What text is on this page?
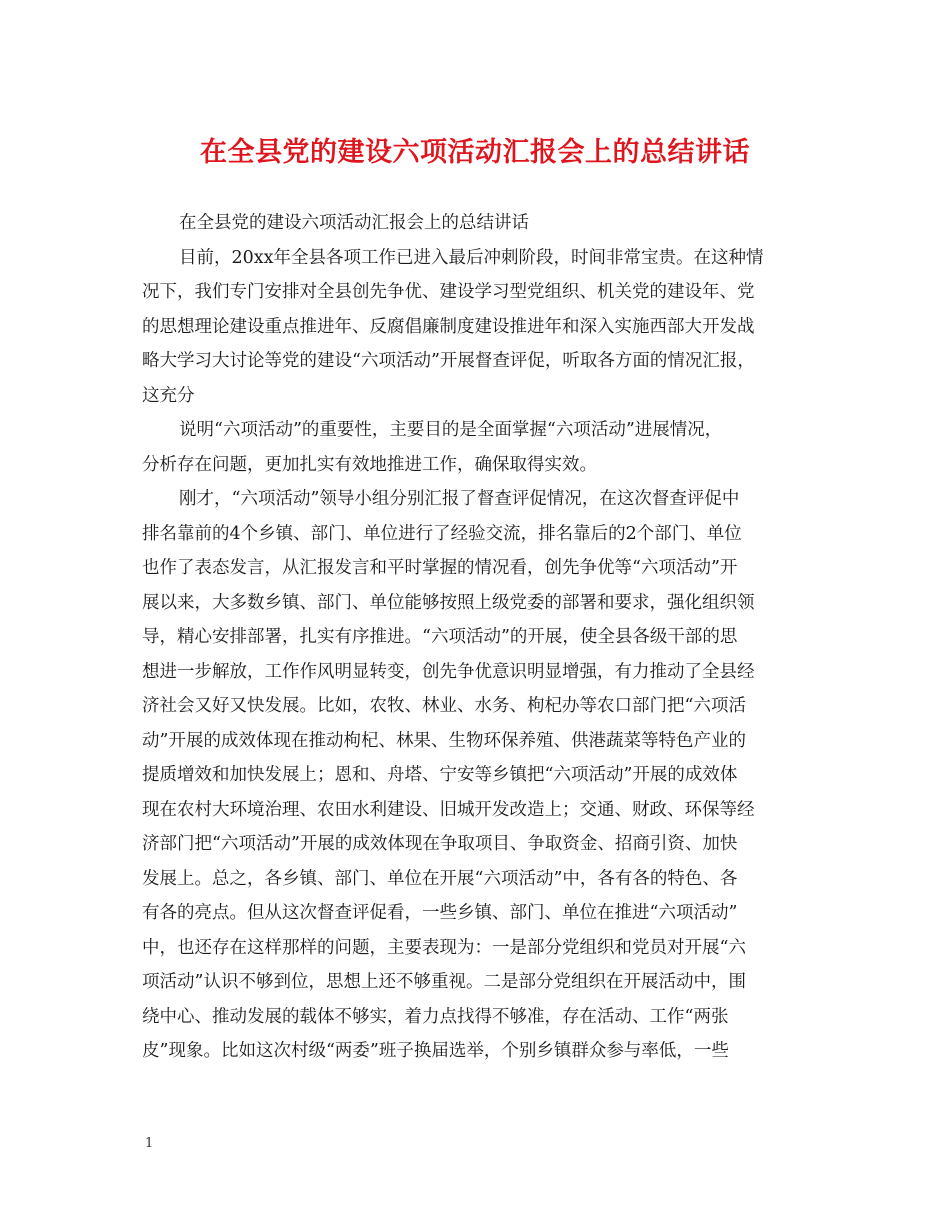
在全县党的建设六项活动汇报会上的总结讲话
在全县党的建设六项活动汇报会上的总结讲话
目前，20xx年全县各项工作已进入最后冲刺阶段，时间非常宝贵。在这种情
况下，我们专门安排对全县创先争优、建设学习型党组织、机关党的建设年、党
的思想理论建设重点推进年、反腐倡廉制度建设推进年和深入实施西部大开发战
略大学习大讨论等党的建设“六项活动”开展督查评促，听取各方面的情况汇报，
这充分
说明“六项活动”的重要性，主要目的是全面掌握“六项活动”进展情况，
分析存在问题，更加扎实有效地推进工作，确保取得实效。
刚才，“六项活动”领导小组分别汇报了督查评促情况，在这次督查评促中
排名靠前的4个乡镇、部门、单位进行了经验交流，排名靠后的2个部门、单位
也作了表态发言，从汇报发言和平时掌握的情况看，创先争优等“六项活动”开
展以来，大多数乡镇、部门、单位能够按照上级党委的部署和要求，强化组织领
导，精心安排部署，扎实有序推进。“六项活动”的开展，使全县各级干部的思
想进一步解放，工作作风明显转变，创先争优意识明显增强，有力推动了全县经
济社会又好又快发展。比如，农牧、林业、水务、枸杞办等农口部门把“六项活
动”开展的成效体现在推动枸杞、林果、生物环保养殖、供港蔬菜等特色产业的
提质增效和加快发展上；恩和、舟塔、宁安等乡镇把“六项活动”开展的成效体
现在农村大环境治理、农田水利建设、旧城开发改造上；交通、财政、环保等经
济部门把“六项活动”开展的成效体现在争取项目、争取资金、招商引资、加快
发展上。总之，各乡镇、部门、单位在开展“六项活动”中，各有各的特色、各
有各的亮点。但从这次督查评促看，一些乡镇、部门、单位在推进“六项活动”
中，也还存在这样那样的问题，主要表现为：一是部分党组织和党员对开展“六
项活动”认识不够到位，思想上还不够重视。二是部分党组织在开展活动中，围
绕中心、推动发展的载体不够实，着力点找得不够准，存在活动、工作“两张
皮”现象。比如这次村级“两委”班子换届选举，个别乡镇群众参与率低，一些
1
